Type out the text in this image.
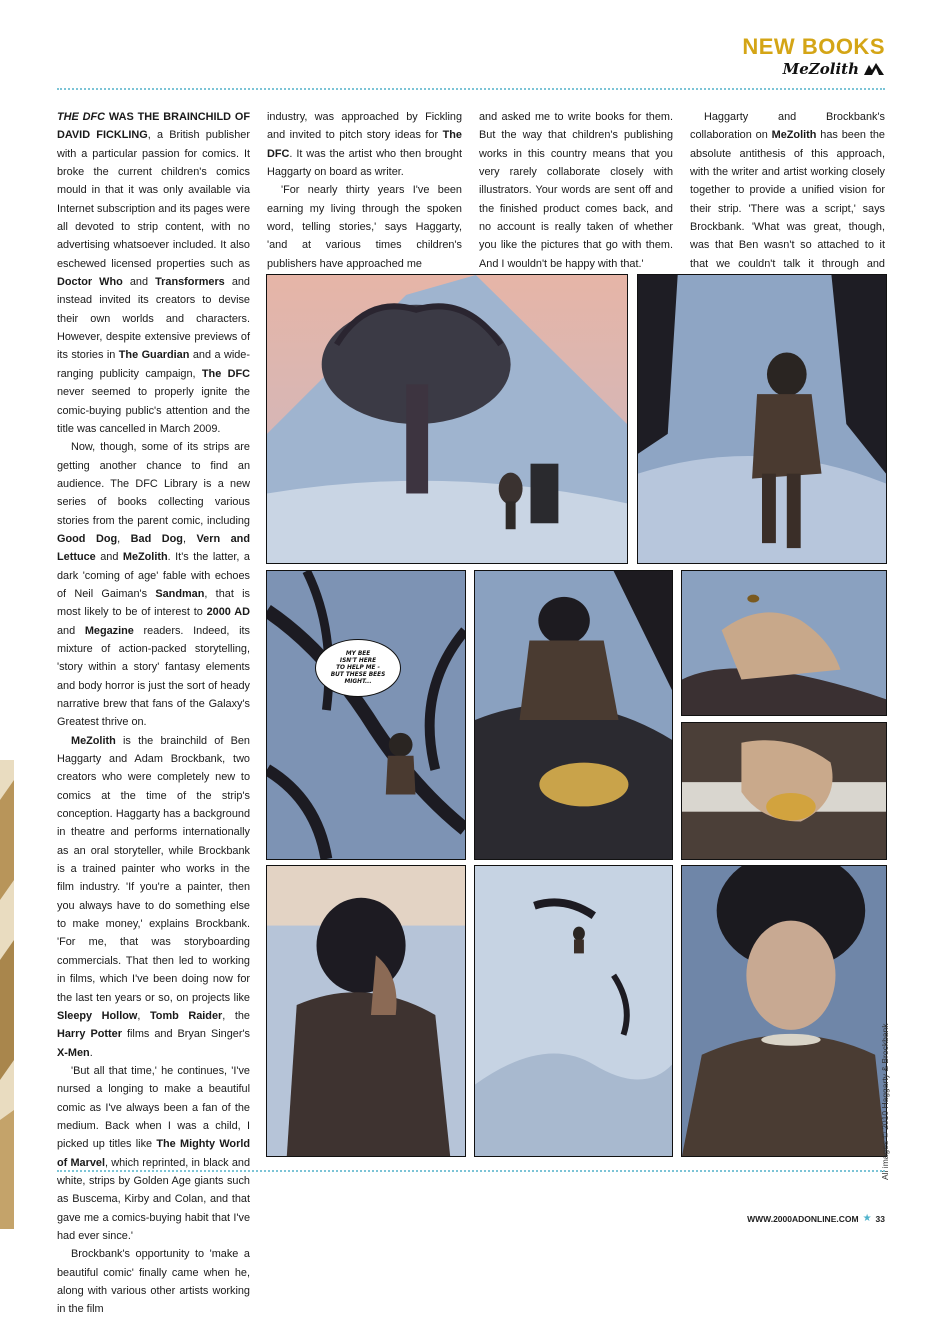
NEW BOOKS
MeZolith

THE DFC WAS THE BRAINCHILD OF DAVID FICKLING, a British publisher with a particular passion for comics. It broke the current children's comics mould in that it was only available via Internet subscription and its pages were all devoted to strip content, with no advertising whatsoever included. It also eschewed licensed properties such as Doctor Who and Transformers and instead invited its creators to devise their own worlds and characters. However, despite extensive previews of its stories in The Guardian and a wide-ranging publicity campaign, The DFC never seemed to properly ignite the comic-buying public's attention and the title was cancelled in March 2009.

Now, though, some of its strips are getting another chance to find an audience. The DFC Library is a new series of books collecting various stories from the parent comic, including Good Dog, Bad Dog, Vern and Lettuce and MeZolith. It's the latter, a dark 'coming of age' fable with echoes of Neil Gaiman's Sandman, that is most likely to be of interest to 2000 AD and Megazine readers. Indeed, its mixture of action-packed storytelling, 'story within a story' fantasy elements and body horror is just the sort of heady narrative brew that fans of the Galaxy's Greatest thrive on.

MeZolith is the brainchild of Ben Haggarty and Adam Brockbank, two creators who were completely new to comics at the time of the strip's conception. Haggarty has a background in theatre and performs internationally as an oral storyteller, while Brockbank is a trained painter who works in the film industry. 'If you're a painter, then you always have to do something else to make money,' explains Brockbank. 'For me, that was storyboarding commercials. That then led to working in films, which I've been doing now for the last ten years or so, on projects like Sleepy Hollow, Tomb Raider, the Harry Potter films and Bryan Singer's X-Men.

'But all that time,' he continues, 'I've nursed a longing to make a beautiful comic as I've always been a fan of the medium. Back when I was a child, I picked up titles like The Mighty World of Marvel, which reprinted, in black and white, strips by Golden Age giants such as Buscema, Kirby and Colan, and that gave me a comics-buying habit that I've had ever since.'

Brockbank's opportunity to 'make a beautiful comic' finally came when he, along with various other artists working in the film

industry, was approached by Fickling and invited to pitch story ideas for The DFC. It was the artist who then brought Haggarty on board as writer.

'For nearly thirty years I've been earning my living through the spoken word, telling stories,' says Haggarty, 'and at various times children's publishers have approached me

and asked me to write books for them. But the way that children's publishing works in this country means that you very rarely collaborate closely with illustrators. Your words are sent off and the finished product comes back, and no account is really taken of whether you like the pictures that go with them. And I wouldn't be happy with that.'

Haggarty and Brockbank's collaboration on MeZolith has been the absolute antithesis of this approach, with the writer and artist working closely together to provide a unified vision for their strip. 'There was a script,' says Brockbank. 'What was great, though, was that Ben wasn't so attached to it that we couldn't talk it through and

MY BEE
ISN'T HERE
TO HELP ME -
BUT THESE BEES
MIGHT...
All images © 2010 Haggarty & Brockbank
WWW.2000ADONLINE.COM ★ 33
